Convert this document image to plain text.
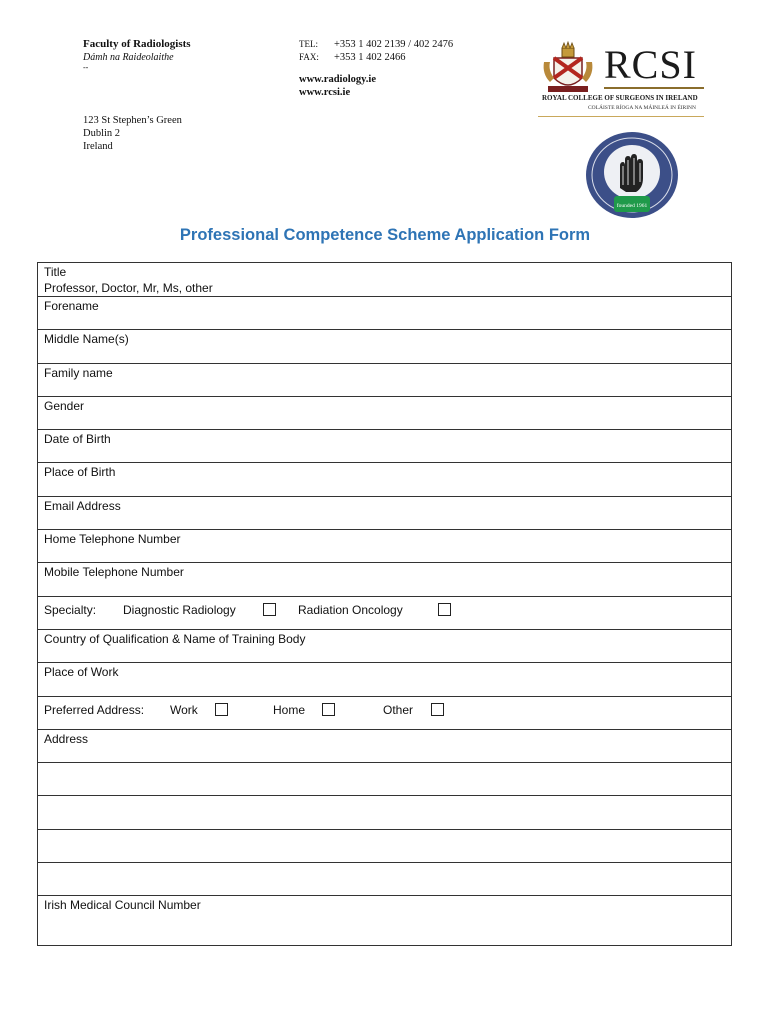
Faculty of Radiologists
Dámh na Raideolaithe
--
123 St Stephen’s Green
Dublin 2
Ireland
TEL:	+353 1 402 2139 / 402 2476
FAX:	+353 1 402 2466
www.radiology.ie
www.rcsi.ie
RCSI
ROYAL COLLEGE OF SURGEONS IN IRELAND
COLÁISTE RÍOGA NA MÁINLEÁ IN ÉIRINN
founded 1961
Professional Competence Scheme Application Form
Title
Professor, Doctor, Mr, Ms, other
Forename
Middle Name(s)
Family name
Gender
Date of Birth
Place of Birth
Email Address
Home Telephone Number
Mobile Telephone Number
Specialty: Diagnostic Radiology	Radiation Oncology
Country of Qualification & Name of Training Body
Place of Work
Preferred Address: Work	Home	Other
Address
Irish Medical Council Number
